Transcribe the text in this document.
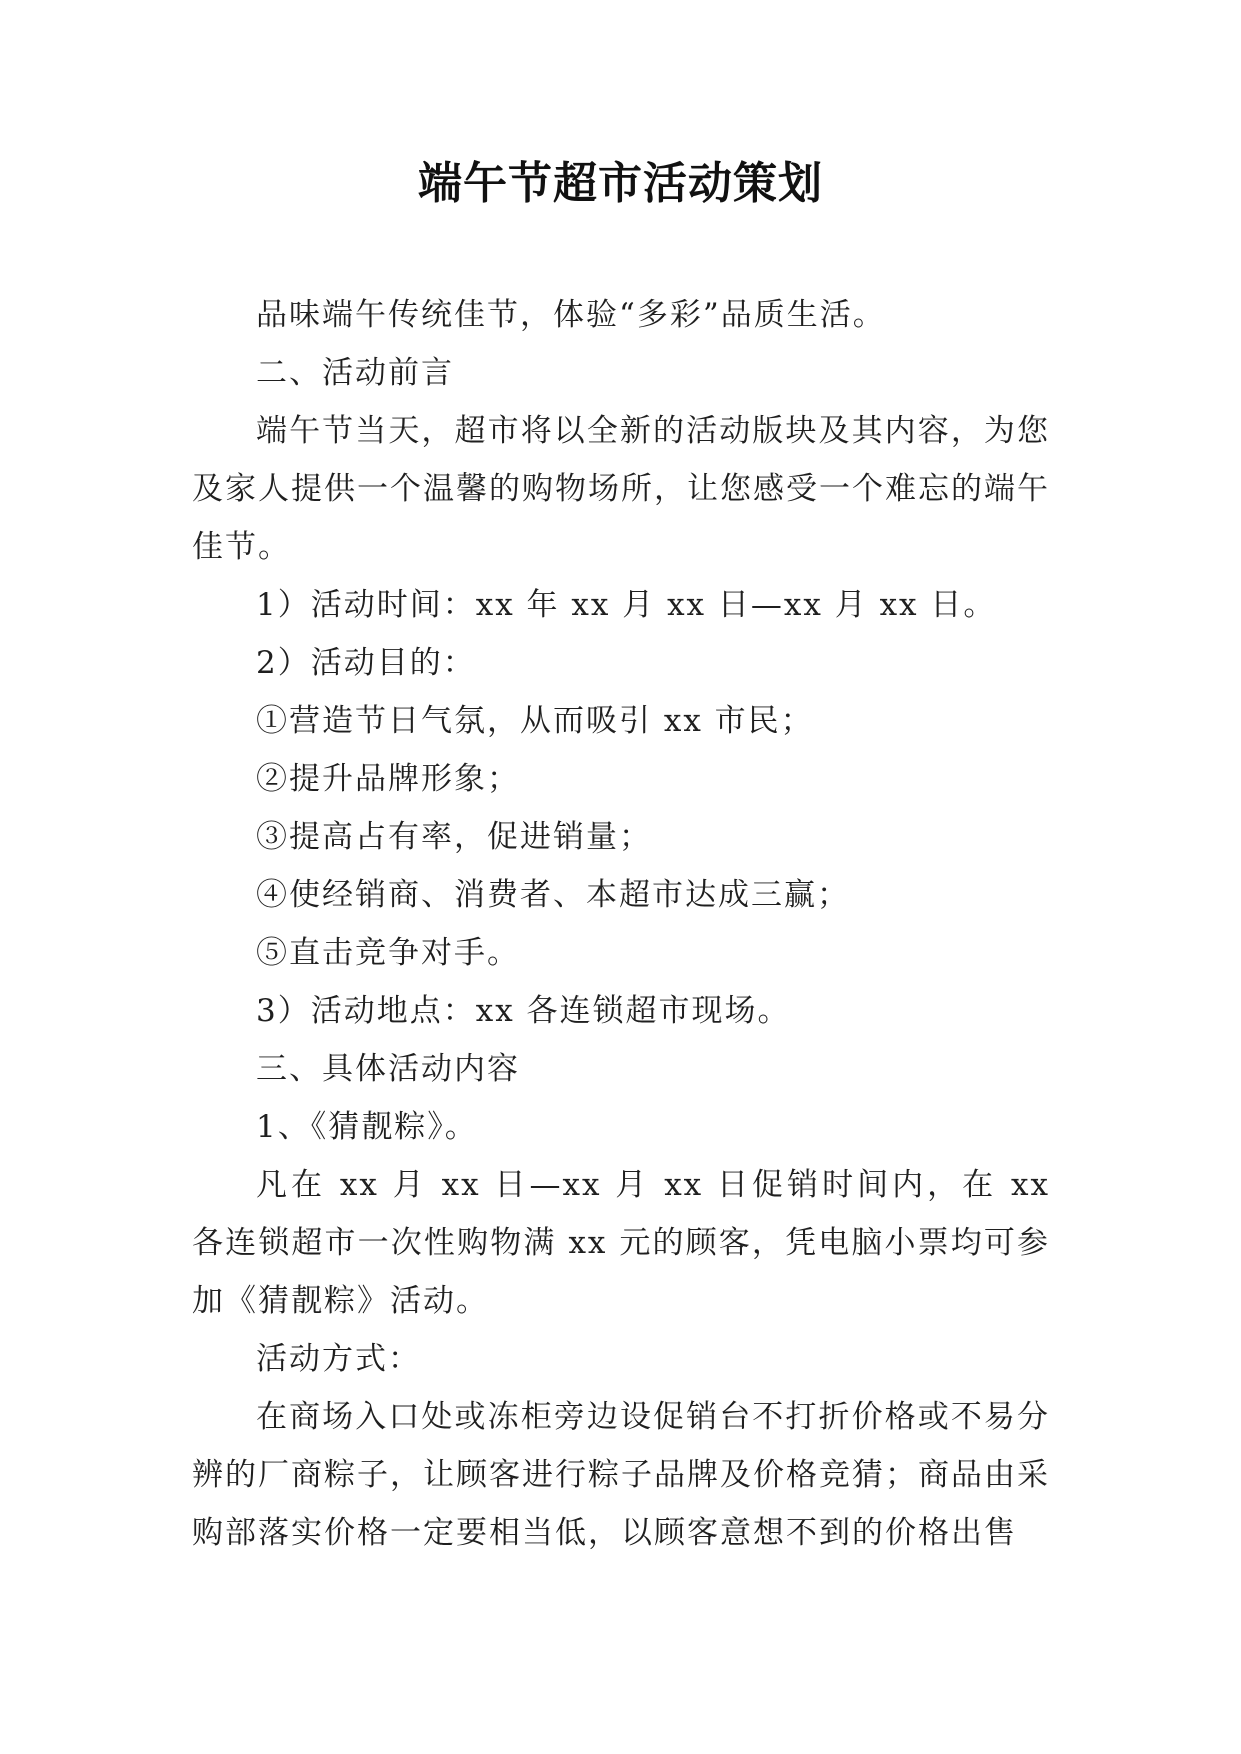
端午节超市活动策划

品味端午传统佳节，体验“多彩”品质生活。

二、活动前言

端午节当天，超市将以全新的活动版块及其内容，为您及家人提供一个温馨的购物场所，让您感受一个难忘的端午佳节。

1）活动时间：xx 年 xx 月 xx 日—xx 月 xx 日。

2）活动目的：

①营造节日气氛，从而吸引 xx 市民；

②提升品牌形象；

③提高占有率，促进销量；

④使经销商、消费者、本超市达成三赢；

⑤直击竞争对手。

3）活动地点：xx 各连锁超市现场。

三、具体活动内容

1、《猜靓粽》。

凡在 xx 月 xx 日—xx 月 xx 日促销时间内，在 xx 各连锁超市一次性购物满 xx 元的顾客，凭电脑小票均可参加《猜靓粽》活动。

活动方式：

在商场入口处或冻柜旁边设促销台不打折价格或不易分辨的厂商粽子，让顾客进行粽子品牌及价格竞猜；商品由采购部落实价格一定要相当低，以顾客意想不到的价格出售
